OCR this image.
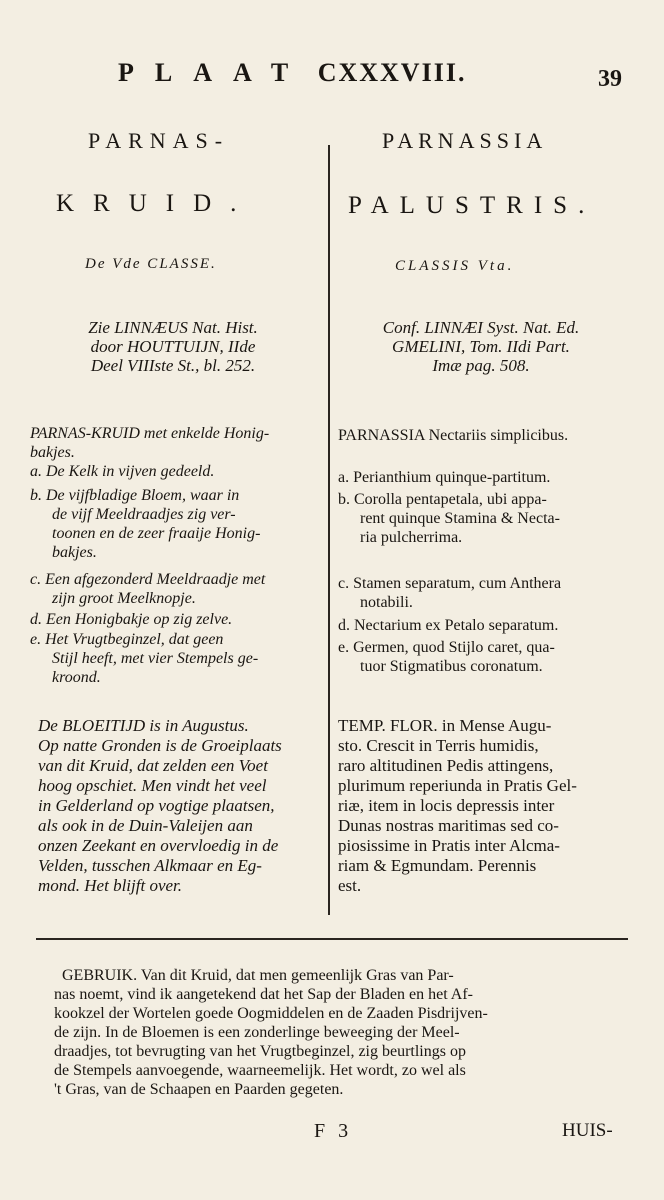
PLAAT CXXXVIII.	39
PARNAS-
KRUID.
De Vde CLASSE.
PARNASSIA
PALUSTRIS.
CLASSIS Vta.
Zie LINNÆUS Nat. Hist.
door HOUTTUIJN, IIde
Deel VIIIste St., bl. 252.
Conf. LINNÆI Syst. Nat. Ed.
GMELINI, Tom. IIdi Part.
Imæ pag. 508.
PARNAS-KRUID met enkelde Honig-
bakjes.
a. De Kelk in vijven gedeeld.
b. De vijfbladige Bloem, waar in
de vijf Meeldraadjes zig ver-
toonen en de zeer fraaije Honig-
bakjes.
c. Een afgezonderd Meeldraadje met
zijn groot Meelknopje.
d. Een Honigbakje op zig zelve.
e. Het Vrugtbeginzel, dat geen
Stijl heeft, met vier Stempels ge-
kroond.
PARNASSIA Nectariis simplicibus.
a. Perianthium quinque-partitum.
b. Corolla pentapetala, ubi appa-
rent quinque Stamina & Necta-
ria pulcherrima.
c. Stamen separatum, cum Anthera
notabili.
d. Nectarium ex Petalo separatum.
e. Germen, quod Stijlo caret, qua-
tuor Stigmatibus coronatum.
De BLOEITIJD is in Augustus.
Op natte Gronden is de Groeiplaats
van dit Kruid, dat zelden een Voet
hoog opschiet. Men vindt het veel
in Gelderland op vogtige plaatsen,
als ook in de Duin-Valeijen aan
onzen Zeekant en overvloedig in de
Velden, tusschen Alkmaar en Eg-
mond. Het blijft over.
TEMP. FLOR. in Mense Augu-
sto. Crescit in Terris humidis,
raro altitudinen Pedis attingens,
plurimum reperiunda in Pratis Gel-
riæ, item in locis depressis inter
Dunas nostras maritimas sed co-
piosissime in Pratis inter Alcma-
riam & Egmundam. Perennis
est.
GEBRUIK. Van dit Kruid, dat men gemeenlijk Gras van Par-
nas noemt, vind ik aangetekend dat het Sap der Bladen en het Af-
kookzel der Wortelen goede Oogmiddelen en de Zaaden Pisdrijven-
de zijn. In de Bloemen is een zonderlinge beweeging der Meel-
draadjes, tot bevrugting van het Vrugtbeginzel, zig beurtlings op
de Stempels aanvoegende, waarneemelijk. Het wordt, zo wel als
't Gras, van de Schaapen en Paarden gegeten.
F 3	HUIS-
